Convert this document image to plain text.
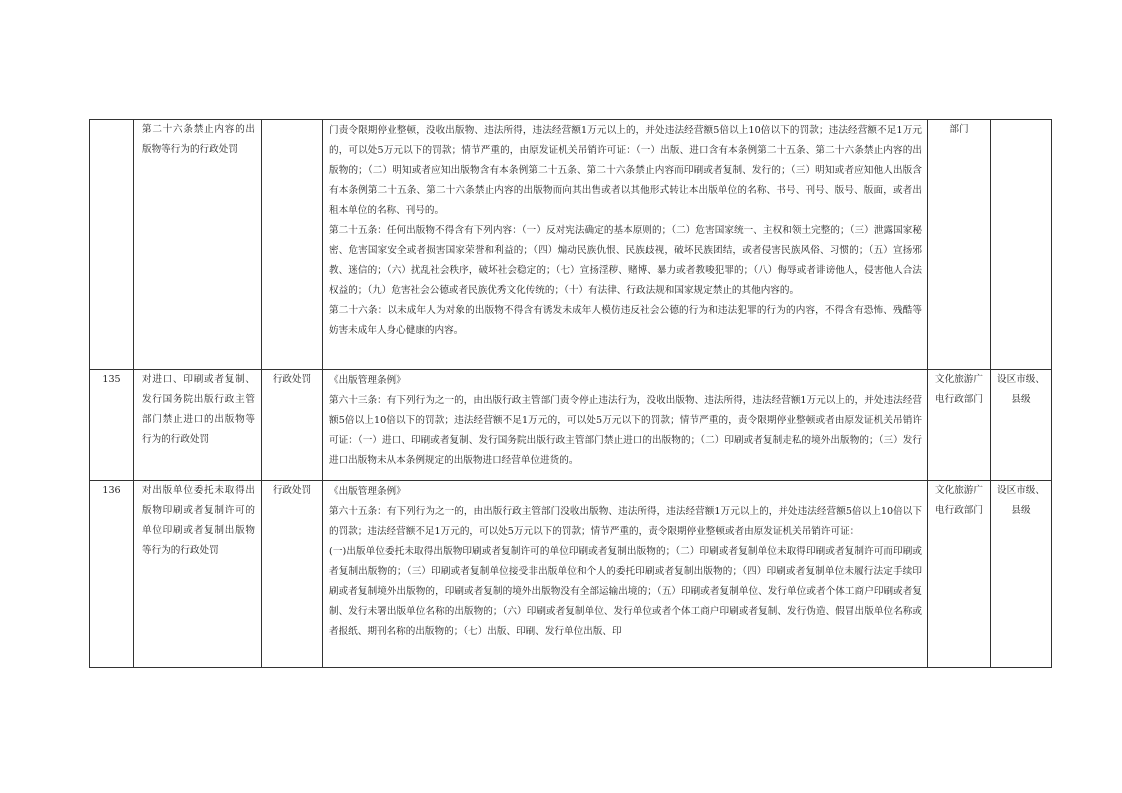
	第二十六条禁止内容的出版物等行为的行政处罚		门责令限期停业整顿，没收出版物、违法所得，违法经营额1万元以上的，并处违法经营额5倍以上10倍以下的罚款；违法经营额不足1万元的，可以处5万元以下的罚款；情节严重的，由原发证机关吊销许可证：（一）出版、进口含有本条例第二十五条、第二十六条禁止内容的出版物的；（二）明知或者应知出版物含有本条例第二十五条、第二十六条禁止内容而印刷或者复制、发行的；（三）明知或者应知他人出版含有本条例第二十五条、第二十六条禁止内容的出版物而向其出售或者以其他形式转让本出版单位的名称、书号、刊号、版号、版面，或者出租本单位的名称、刊号的。
第二十五条：任何出版物不得含有下列内容：（一）反对宪法确定的基本原则的；（二）危害国家统一、主权和领土完整的；（三）泄露国家秘密、危害国家安全或者损害国家荣誉和利益的；（四）煽动民族仇恨、民族歧视，破坏民族团结，或者侵害民族风俗、习惯的；（五）宣扬邪教、迷信的；（六）扰乱社会秩序，破坏社会稳定的；（七）宣扬淫秽、赌博、暴力或者教唆犯罪的；（八）侮辱或者诽谤他人，侵害他人合法权益的；（九）危害社会公德或者民族优秀文化传统的；（十）有法律、行政法规和国家规定禁止的其他内容的。
第二十六条：以未成年人为对象的出版物不得含有诱发未成年人模仿违反社会公德的行为和违法犯罪的行为的内容，不得含有恐怖、残酷等妨害未成年人身心健康的内容。	部门	

135	对进口、印刷或者复制、发行国务院出版行政主管部门禁止进口的出版物等行为的行政处罚	行政处罚	《出版管理条例》
第六十三条：有下列行为之一的，由出版行政主管部门责令停止违法行为，没收出版物、违法所得，违法经营额1万元以上的，并处违法经营额5倍以上10倍以下的罚款；违法经营额不足1万元的，可以处5万元以下的罚款；情节严重的，责令限期停业整顿或者由原发证机关吊销许可证：（一）进口、印刷或者复制、发行国务院出版行政主管部门禁止进口的出版物的；（二）印刷或者复制走私的境外出版物的；（三）发行进口出版物未从本条例规定的出版物进口经营单位进货的。	文化旅游广电行政部门	设区市级、县级

136	对出版单位委托未取得出版物印刷或者复制许可的单位印刷或者复制出版物等行为的行政处罚	行政处罚	《出版管理条例》
第六十五条：有下列行为之一的，由出版行政主管部门没收出版物、违法所得，违法经营额1万元以上的，并处违法经营额5倍以上10倍以下的罚款；违法经营额不足1万元的，可以处5万元以下的罚款；情节严重的，责令限期停业整顿或者由原发证机关吊销许可证：
(一)出版单位委托未取得出版物印刷或者复制许可的单位印刷或者复制出版物的；（二）印刷或者复制单位未取得印刷或者复制许可而印刷或者复制出版物的；（三）印刷或者复制单位接受非出版单位和个人的委托印刷或者复制出版物的；（四）印刷或者复制单位未履行法定手续印刷或者复制境外出版物的，印刷或者复制的境外出版物没有全部运输出境的；（五）印刷或者复制单位、发行单位或者个体工商户印刷或者复制、发行未署出版单位名称的出版物的；（六）印刷或者复制单位、发行单位或者个体工商户印刷或者复制、发行伪造、假冒出版单位名称或者报纸、期刊名称的出版物的；（七）出版、印刷、发行单位出版、印	文化旅游广电行政部门	设区市级、县级
